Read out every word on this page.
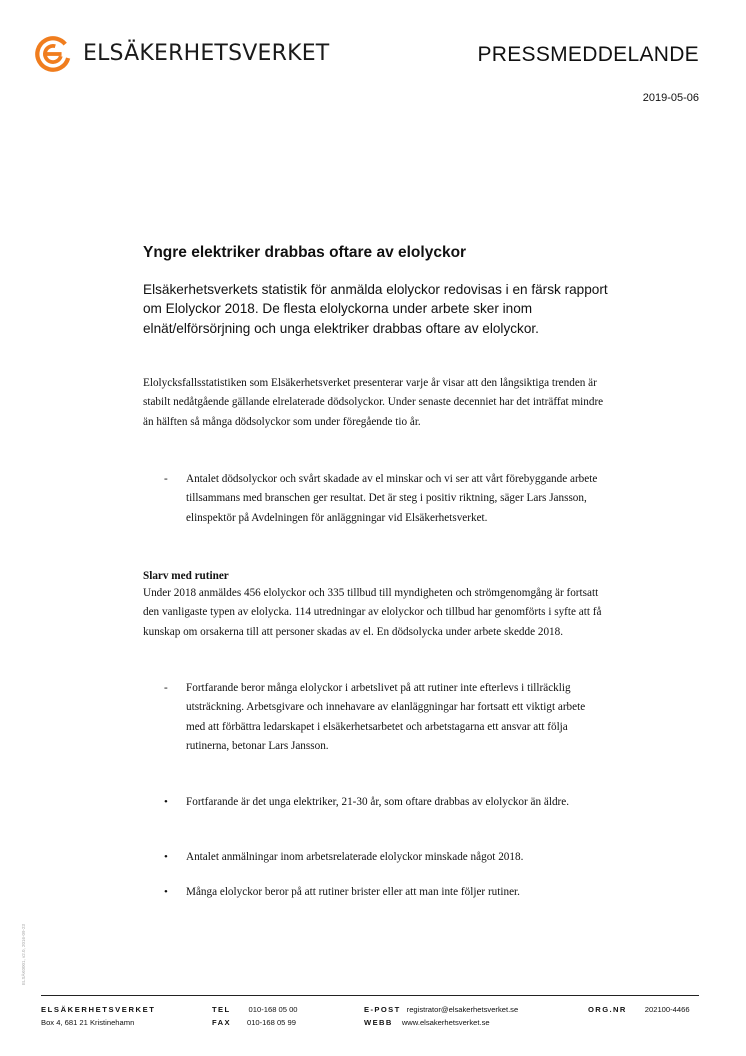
ELSÄKERHETSVERKET	PRESSMEDDELANDE
2019-05-06
Yngre elektriker drabbas oftare av elolyckor

Elsäkerhetsverkets statistik för anmälda elolyckor redovisas i en färsk rapport om Elolyckor 2018. De flesta elolyckorna under arbete sker inom elnät/elförsörjning och unga elektriker drabbas oftare av elolyckor.

Elolycksfallsstatistiken som Elsäkerhetsverket presenterar varje år visar att den långsiktiga trenden är stabilt nedåtgående gällande elrelaterade dödsolyckor. Under senaste decenniet har det inträffat mindre än hälften så många dödsolyckor som under föregående tio år.

- Antalet dödsolyckor och svårt skadade av el minskar och vi ser att vårt förebyggande arbete tillsammans med branschen ger resultat. Det är steg i positiv riktning, säger Lars Jansson, elinspektör på Avdelningen för anläggningar vid Elsäkerhetsverket.
Slarv med rutiner

Under 2018 anmäldes 456 elolyckor och 335 tillbud till myndigheten och strömgenomgång är fortsatt den vanligaste typen av elolycka. 114 utredningar av elolyckor och tillbud har genomförts i syfte att få kunskap om orsakerna till att personer skadas av el. En dödsolycka under arbete skedde 2018.

- Fortfarande beror många elolyckor i arbetslivet på att rutiner inte efterlevs i tillräcklig utsträckning. Arbetsgivare och innehavare av elanläggningar har fortsatt ett viktigt arbete med att förbättra ledarskapet i elsäkerhetsarbetet och arbetstagarna ett ansvar att följa rutinerna, betonar Lars Jansson.
• Fortfarande är det unga elektriker, 21-30 år, som oftare drabbas av elolyckor än äldre.
• Antalet anmälningar inom arbetsrelaterade elolyckor minskade något 2018.
• Många elolyckor beror på att rutiner brister eller att man inte följer rutiner.
ELSÄK0001, v2.0, 2016-09-23
ELSÄKERHETSVERKET
Box 4, 681 21 Kristinehamn
TEL 010-168 05 00
FAX 010-168 05 99
E-POST registrator@elsakerhetsverket.se
WEBB www.elsakerhetsverket.se
ORG.NR 202100-4466
